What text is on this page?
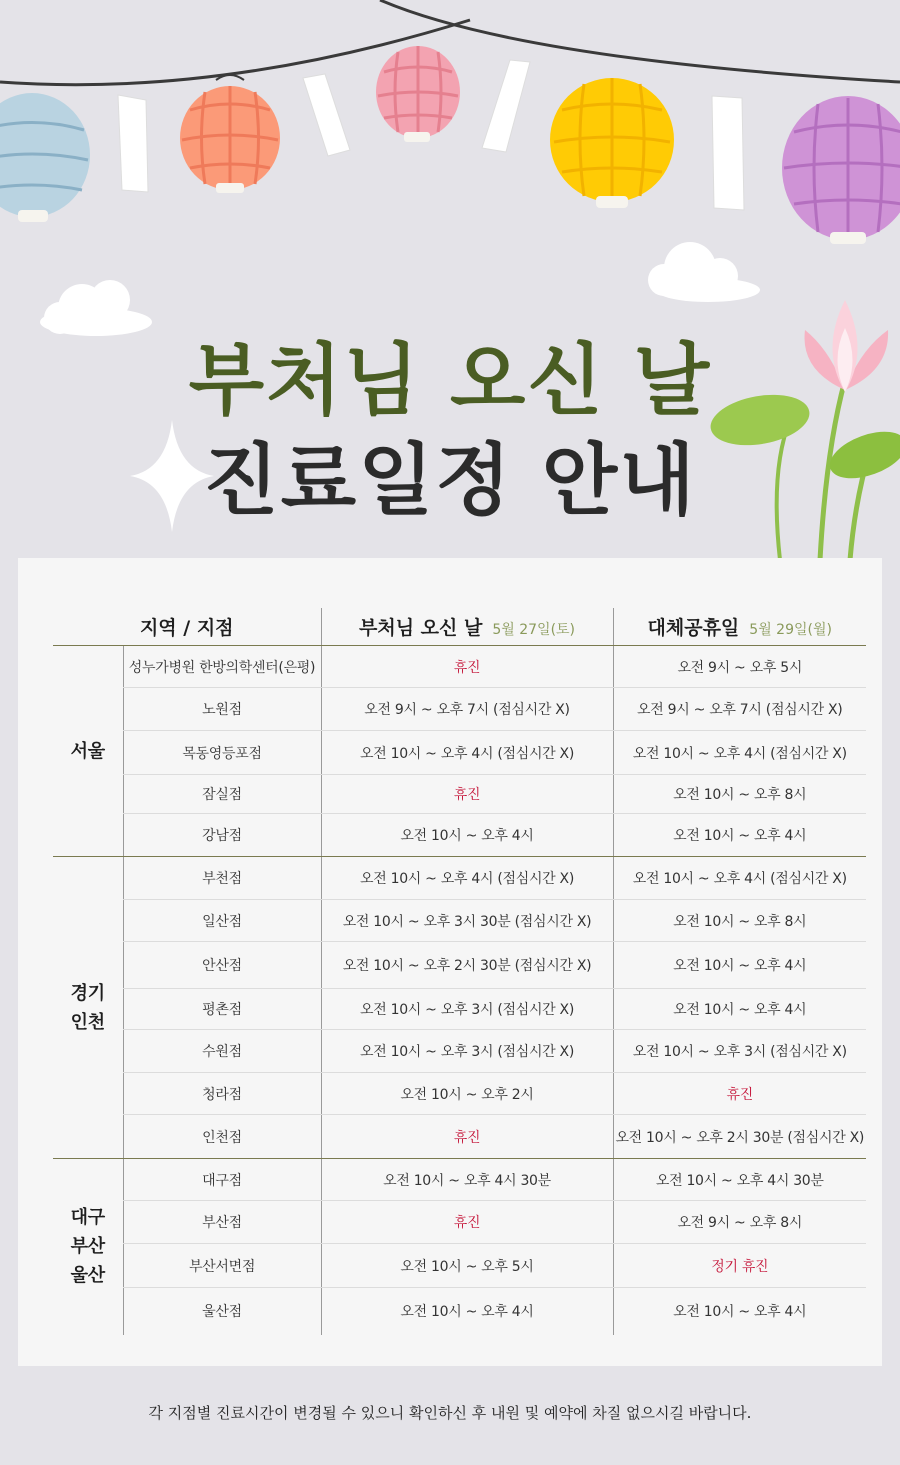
부처님 오신 날
진료일정 안내
지역 / 지점		부처님 오신 날 5월 27일(토)	대체공휴일 5월 29일(월)
서울	성누가병원 한방의학센터(은평)	휴진	오전 9시 ~ 오후 5시
	노원점	오전 9시 ~ 오후 7시 (점심시간 X)	오전 9시 ~ 오후 7시 (점심시간 X)
	목동영등포점	오전 10시 ~ 오후 4시 (점심시간 X)	오전 10시 ~ 오후 4시 (점심시간 X)
	잠실점	휴진	오전 10시 ~ 오후 8시
	강남점	오전 10시 ~ 오후 4시	오전 10시 ~ 오후 4시
경기
인천	부천점	오전 10시 ~ 오후 4시 (점심시간 X)	오전 10시 ~ 오후 4시 (점심시간 X)
	일산점	오전 10시 ~ 오후 3시 30분 (점심시간 X)	오전 10시 ~ 오후 8시
	안산점	오전 10시 ~ 오후 2시 30분 (점심시간 X)	오전 10시 ~ 오후 4시
	평촌점	오전 10시 ~ 오후 3시 (점심시간 X)	오전 10시 ~ 오후 4시
	수원점	오전 10시 ~ 오후 3시 (점심시간 X)	오전 10시 ~ 오후 3시 (점심시간 X)
	청라점	오전 10시 ~ 오후 2시	휴진
	인천점	휴진	오전 10시 ~ 오후 2시 30분 (점심시간 X)
대구
부산
울산	대구점	오전 10시 ~ 오후 4시 30분	오전 10시 ~ 오후 4시 30분
	부산점	휴진	오전 9시 ~ 오후 8시
	부산서면점	오전 10시 ~ 오후 5시	정기 휴진
	울산점	오전 10시 ~ 오후 4시	오전 10시 ~ 오후 4시
각 지점별 진료시간이 변경될 수 있으니 확인하신 후 내원 및 예약에 차질 없으시길 바랍니다.
